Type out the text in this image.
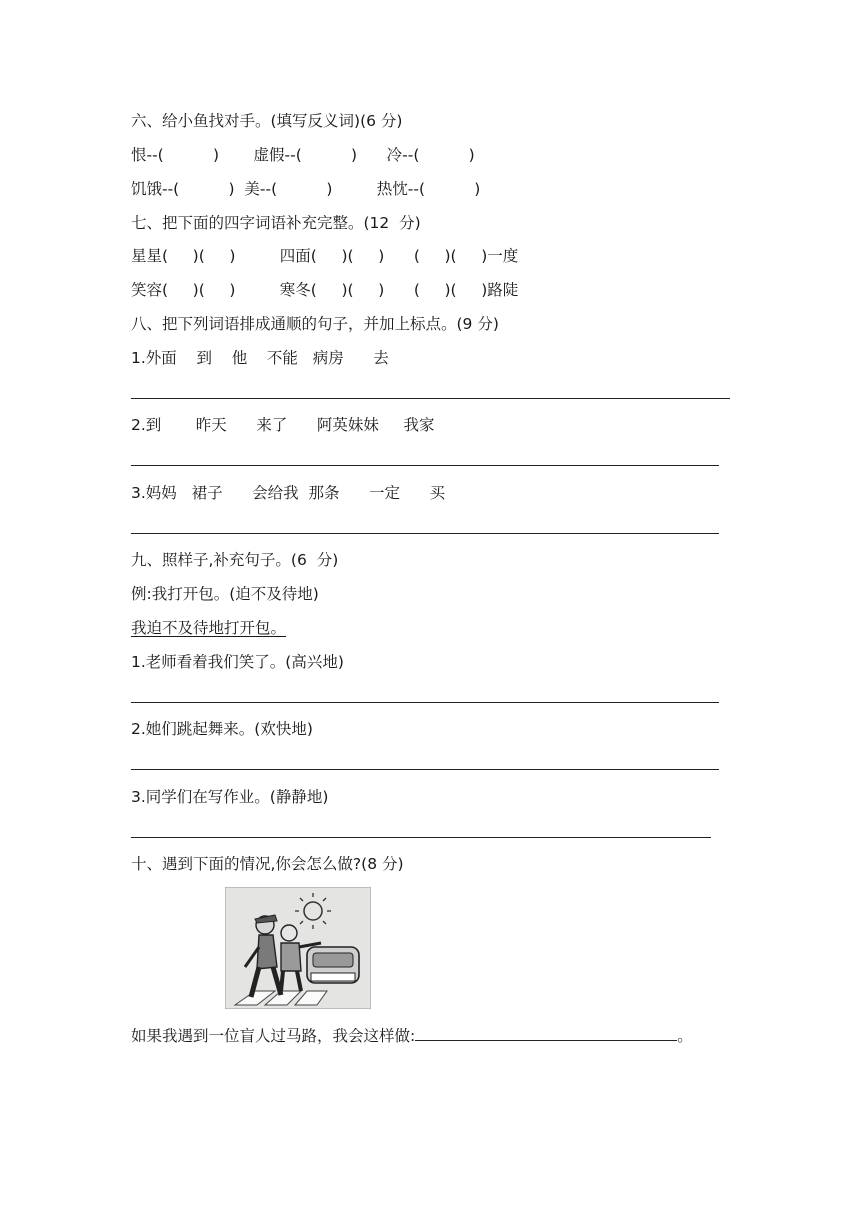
六、给小鱼找对手。(填写反义词)(6 分)
恨--(          )       虚假--(          )      冷--(          )
饥饿--(          )  美--(          )         热忱--(          )
七、把下面的四字词语补充完整。(12  分)
星星(     )(     )         四面(     )(     )      (     )(     )一度
笑容(     )(     )         寒冬(     )(     )      (     )(     )路陡
八、把下列词语排成通顺的句子，并加上标点。(9 分)
1.外面    到    他    不能   病房      去
2.到       昨天      来了      阿英妹妹     我家
3.妈妈   裙子      会给我  那条      一定      买
九、照样子,补充句子。(6  分)
例:我打开包。(迫不及待地)
我迫不及待地打开包。
1.老师看着我们笑了。(高兴地)
2.她们跳起舞来。(欢快地)
3.同学们在写作业。(静静地)
十、遇到下面的情况,你会怎么做?(8 分)
如果我遇到一位盲人过马路，我会这样做:	。
